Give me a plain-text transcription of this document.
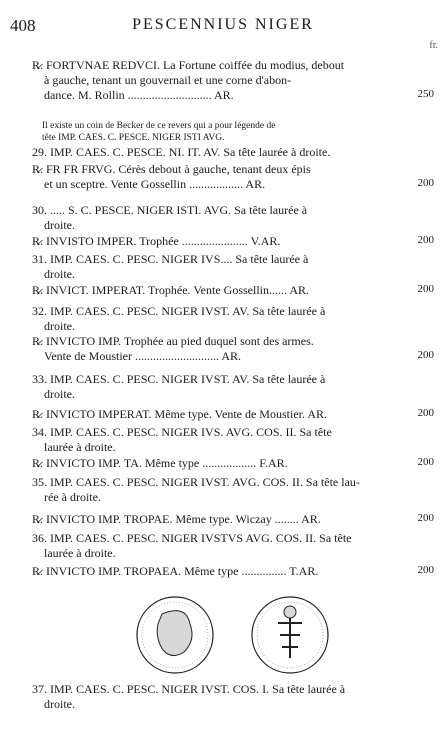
408	PESCENNIUS NIGER
fr.
R̷. FORTVNAE REDVCI. La Fortune coiffée du modius, debout
à gauche, tenant un gouvernail et une corne d'abon-
dance. M. Rollin ............................ AR.	250
Il existe un coin de Becker de ce revers qui a pour légende de
tête IMP. CAES. C. PESCE. NIGER ISTI AVG.
29. IMP. CAES. C. PESCE. NI. IT. AV. Sa tête laurée à droite.
R̷. FR FR FRVG. Cérès debout à gauche, tenant deux épis
et un sceptre. Vente Gossellin .................. AR.	200
30. ..... S. C. PESCE. NIGER ISTI. AVG. Sa tête laurée à
droite.
R̷. INVISTO IMPER. Trophée ...................... V.AR.	200
31. IMP. CAES. C. PESC. NIGER IVS.... Sa tête laurée à
droite.
R̷. INVICT. IMPERAT. Trophée. Vente Gossellin...... AR.	200
32. IMP. CAES. C. PESC. NIGER IVST. AV. Sa tête laurée à
droite.
R̷. INVICTO IMP. Trophée au pied duquel sont des armes.
Vente de Moustier ............................ AR.	200
33. IMP. CAES. C. PESC. NIGER IVST. AV. Sa tête laurée à
droite.
R̷. INVICTO IMPERAT. Même type. Vente de Moustier. AR.	200
34. IMP. CAES. C. PESC. NIGER IVS. AVG. COS. II. Sa tête
laurée à droite.
R̷. INVICTO IMP. TA. Même type .................. F.AR.	200
35. IMP. CAES. C. PESC. NIGER IVST. AVG. COS. II. Sa tête lau-
rée à droite.
R̷. INVICTO IMP. TROPAE. Même type. Wiczay ........ AR.	200
36. IMP. CAES. C. PESC. NIGER IVSTVS AVG. COS. II. Sa tête
laurée à droite.
R̷. INVICTO IMP. TROPAEA. Même type ............... T.AR.	200
37. IMP. CAES. C. PESC. NIGER IVST. COS. I. Sa tête laurée à
droite.
